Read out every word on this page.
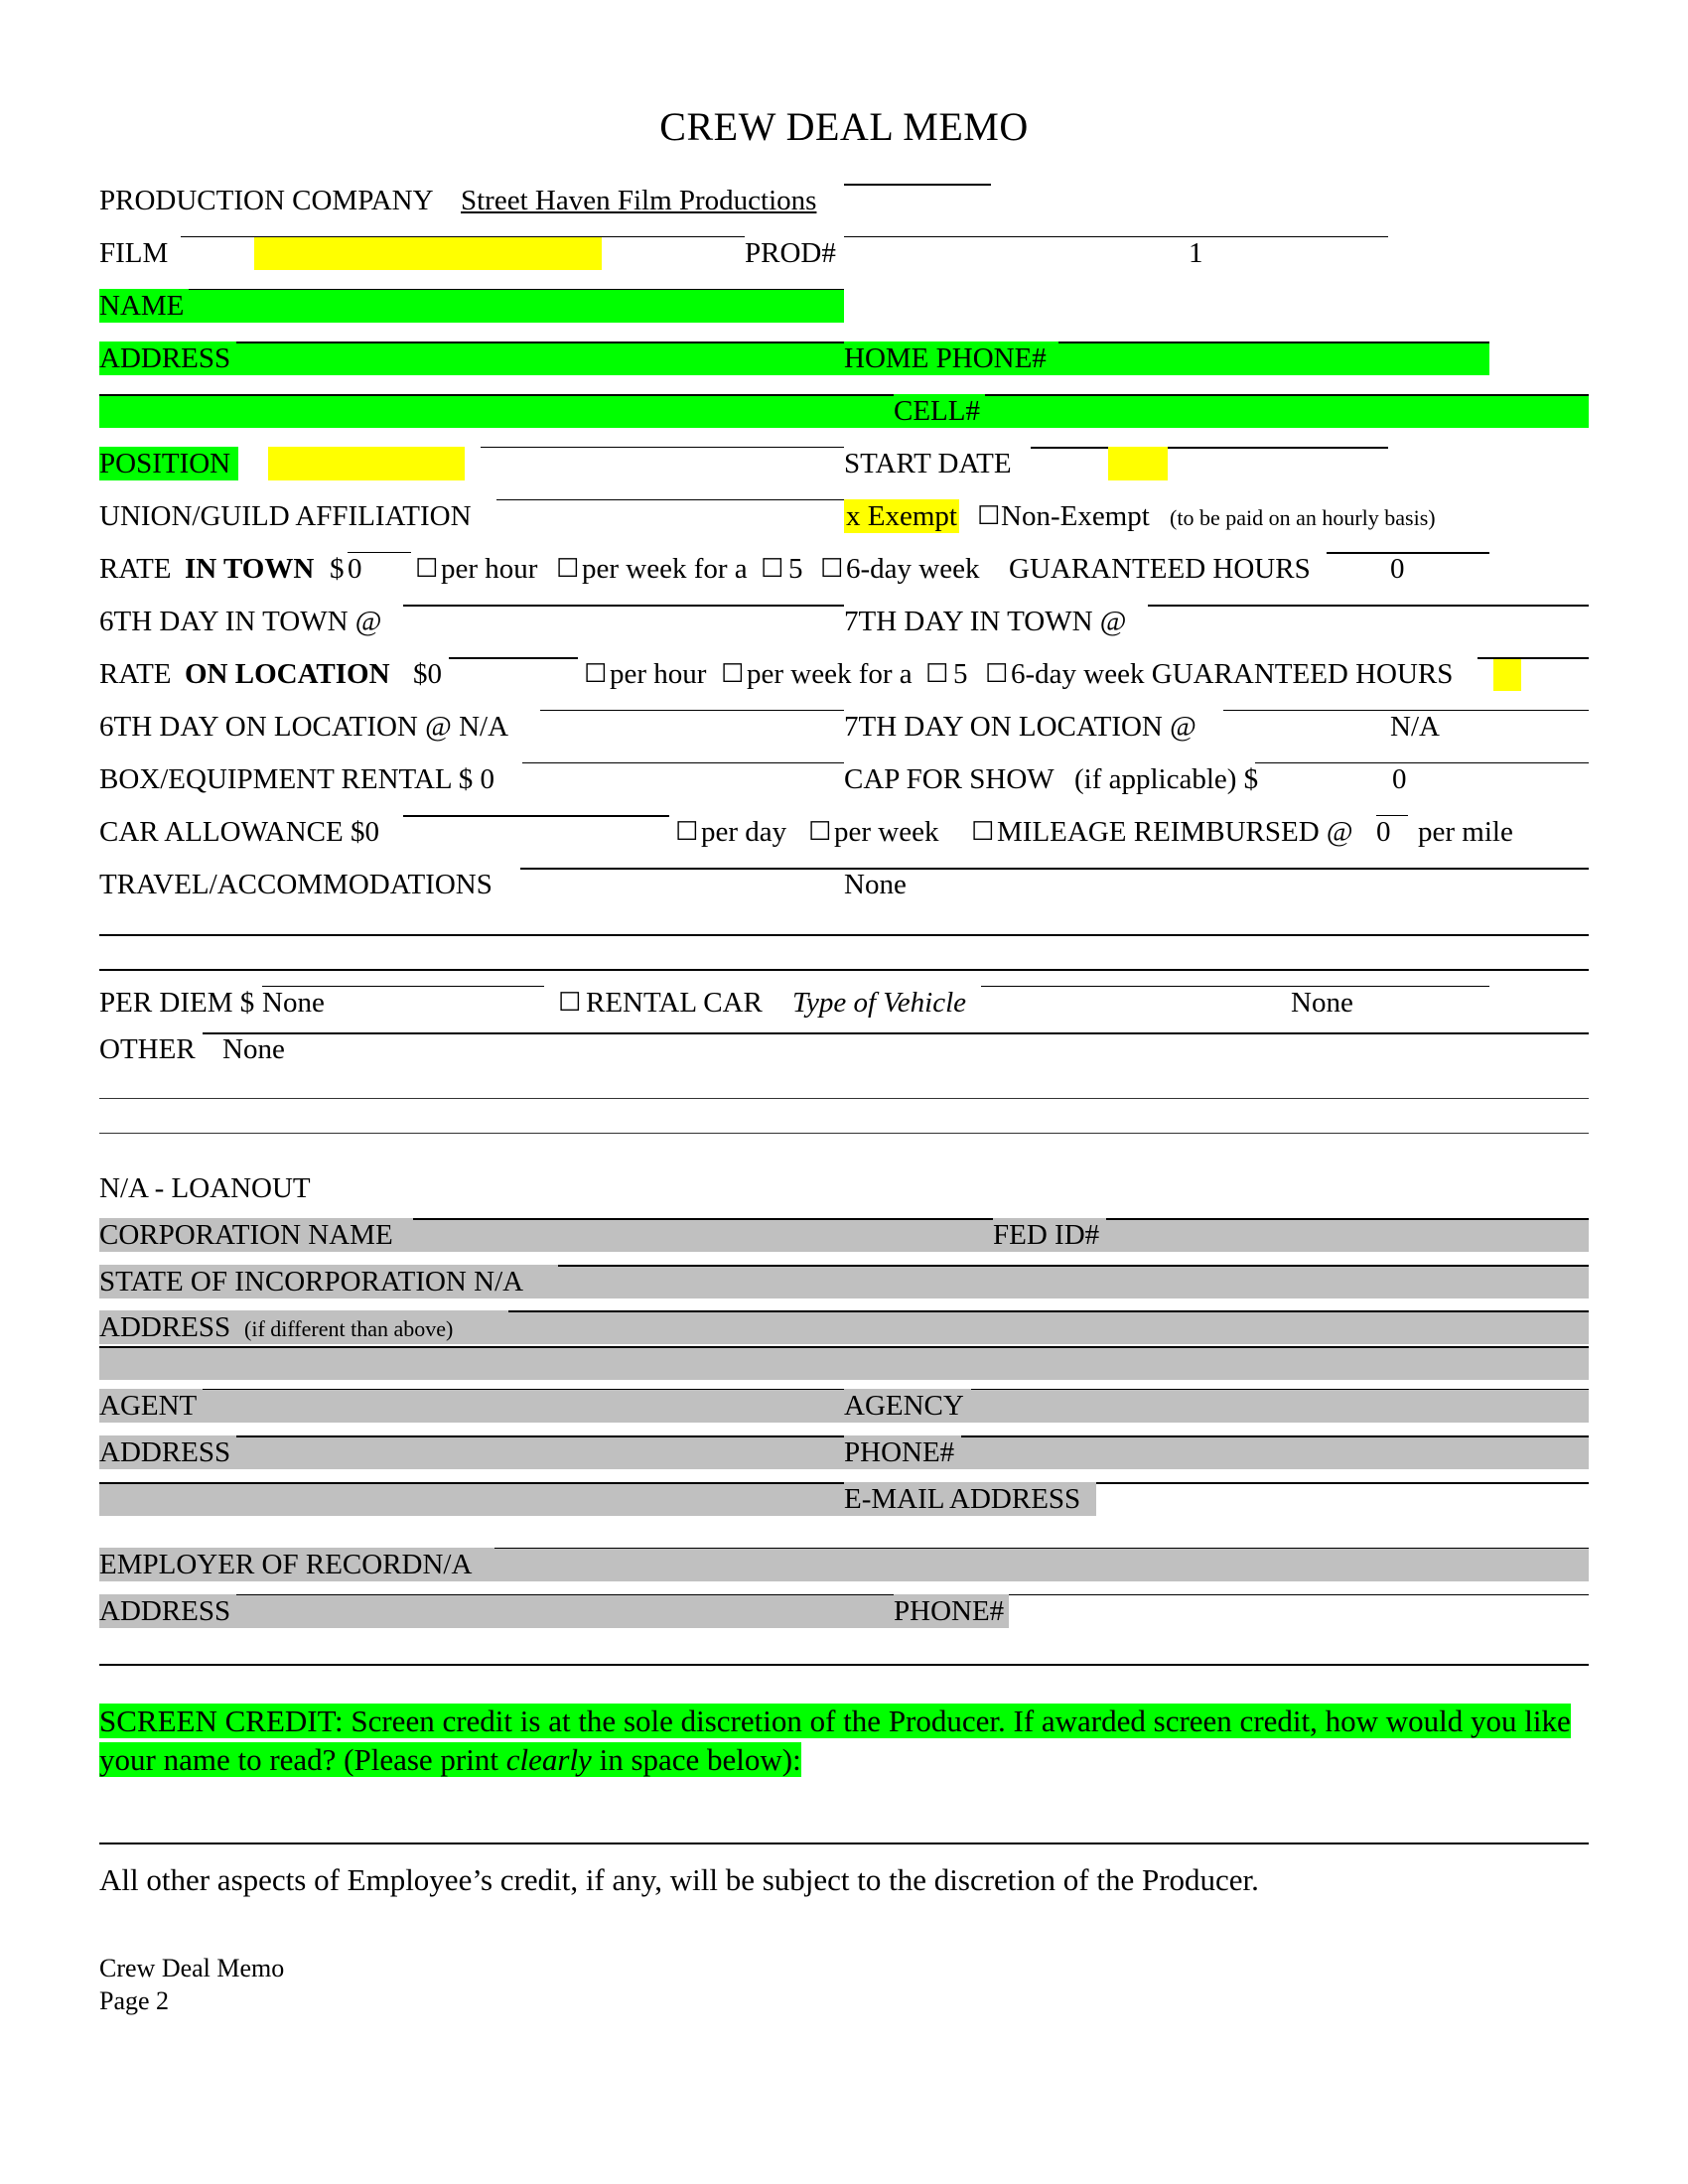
CREW DEAL MEMO
PRODUCTION COMPANY Street Haven Film Productions
FILM	PROD#	1
NAME
ADDRESS	HOME PHONE#
CELL#
POSITION	START DATE
UNION/GUILD AFFILIATION	x Exempt ☐ Non-Exempt (to be paid on an hourly basis)
RATE IN TOWN $ 0 ☐ per hour ☐ per week for a ☐ 5 ☐ 6-day week GUARANTEED HOURS	0
6TH DAY IN TOWN @	7TH DAY IN TOWN @
RATE ON LOCATION $0	☐ per hour ☐ per week for a ☐ 5 ☐ 6-day week GUARANTEED HOURS
6TH DAY ON LOCATION @ N/A	7TH DAY ON LOCATION @	N/A
BOX/EQUIPMENT RENTAL $ 0	CAP FOR SHOW (if applicable) $	0
CAR ALLOWANCE $0	☐ per day ☐ per week ☐ MILEAGE REIMBURSED @ 0 per mile
TRAVEL/ACCOMMODATIONS	None
PER DIEM $ None	☐ RENTAL CAR Type of Vehicle	None
OTHER None
N/A - LOANOUT
CORPORATION NAME	FED ID#
STATE OF INCORPORATION N/A
ADDRESS (if different than above)
AGENT	AGENCY
ADDRESS	PHONE#
E-MAIL ADDRESS
EMPLOYER OF RECORDN/A
ADDRESS	PHONE#
SCREEN CREDIT: Screen credit is at the sole discretion of the Producer. If awarded screen credit, how would you like your name to read? (Please print clearly in space below):
All other aspects of Employee’s credit, if any, will be subject to the discretion of the Producer.
Crew Deal Memo
Page 2
